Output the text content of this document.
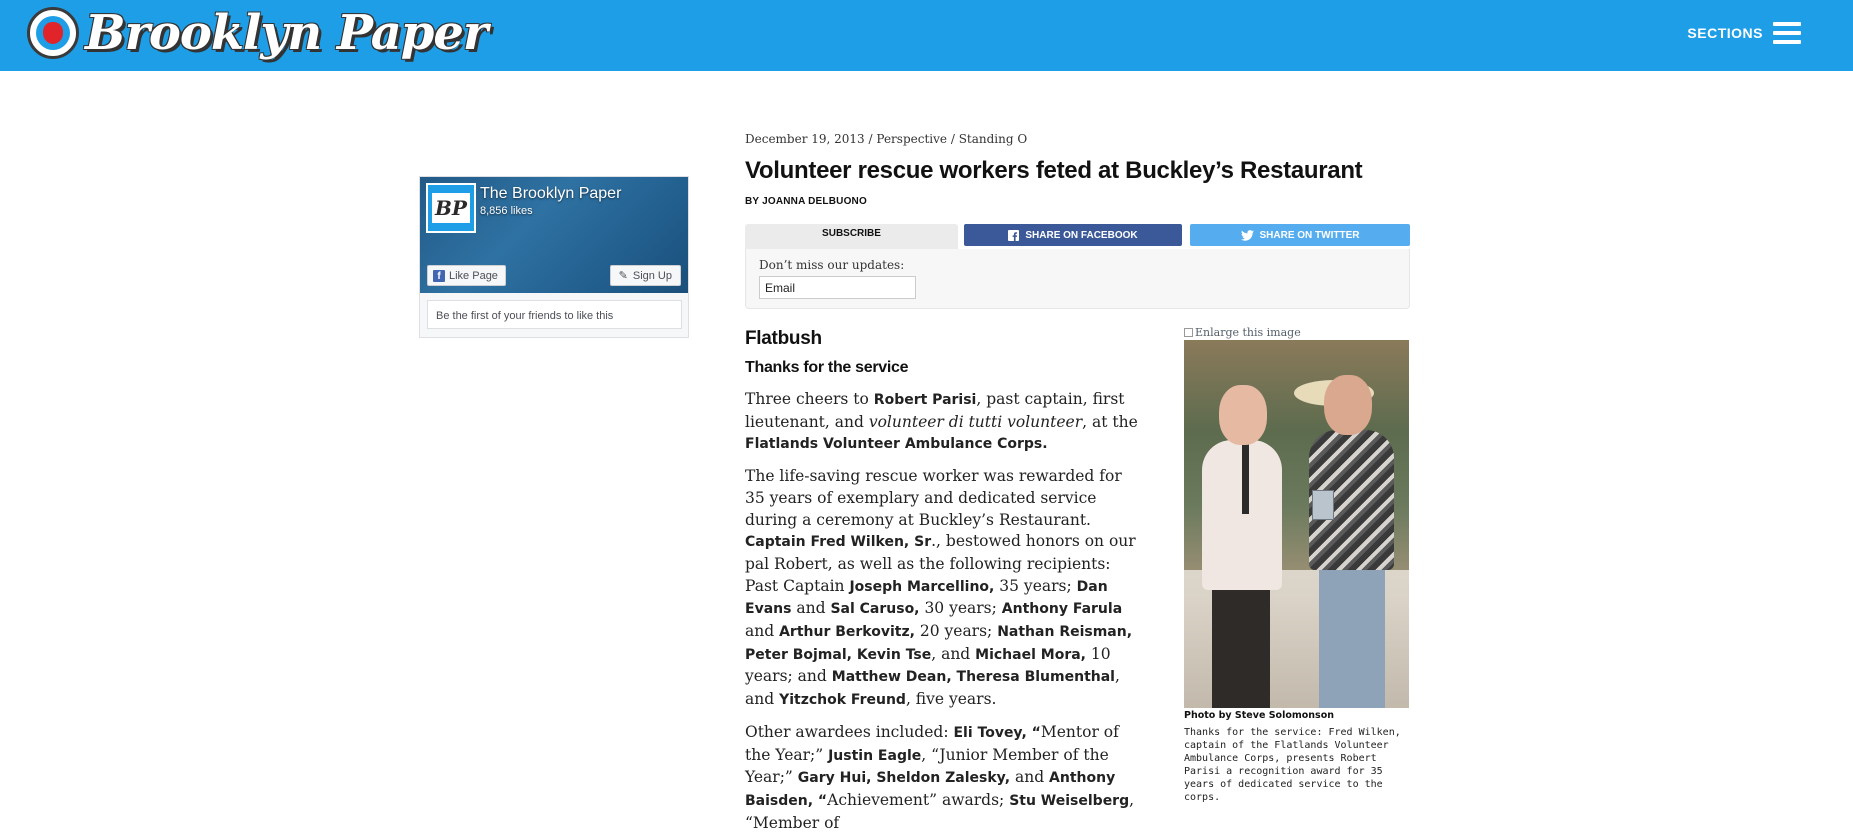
Brooklyn Paper	SECTIONS

BP
The Brooklyn Paper
8,856 likes
f Like Page	✎ Sign Up
Be the first of your friends to like this
December 19, 2013 / Perspective / Standing O
Volunteer rescue workers feted at Buckley’s Restaurant
BY JOANNA DELBUONO
SUBSCRIBE	SHARE ON FACEBOOK	SHARE ON TWITTER
Don’t miss our updates:
Email
Flatbush
Thanks for the service

Three cheers to Robert Parisi, past captain, first lieutenant, and volunteer di tutti volunteer, at the Flatlands Volunteer Ambulance Corps.

The life-saving rescue worker was rewarded for 35 years of exemplary and dedicated service during a ceremony at Buckley’s Restaurant. Captain Fred Wilken, Sr., bestowed honors on our pal Robert, as well as the following recipients: Past Captain Joseph Marcellino, 35 years; Dan Evans and Sal Caruso, 30 years; Anthony Farula and Arthur Berkovitz, 20 years; Nathan Reisman, Peter Bojmal, Kevin Tse, and Michael Mora, 10 years; and Matthew Dean, Theresa Blumenthal, and Yitzchok Freund, five years.

Other awardees included: Eli Tovey, “Mentor of the Year;” Justin Eagle, “Junior Member of the Year;” Gary Hui, Sheldon Zalesky, and Anthony Baisden, “Achievement” awards; Stu Weiselberg, “Member of

Enlarge this image
Photo by Steve Solomonson
Thanks for the service: Fred Wilken, captain of the Flatlands Volunteer Ambulance Corps, presents Robert Parisi a recognition award for 35 years of dedicated service to the corps.
